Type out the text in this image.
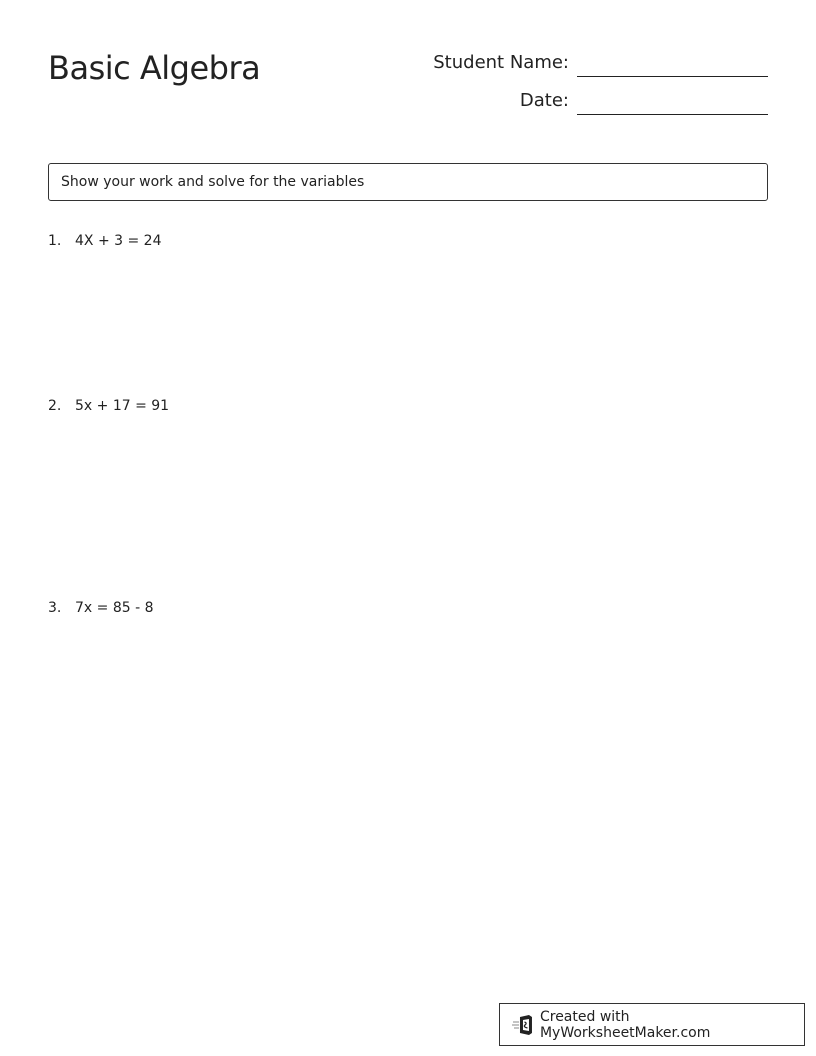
Basic Algebra	Student Name:
Date:
Show your work and solve for the variables
1. 4X + 3 = 24
2. 5x + 17 = 91
3. 7x = 85 - 8
Created with MyWorksheetMaker.com
